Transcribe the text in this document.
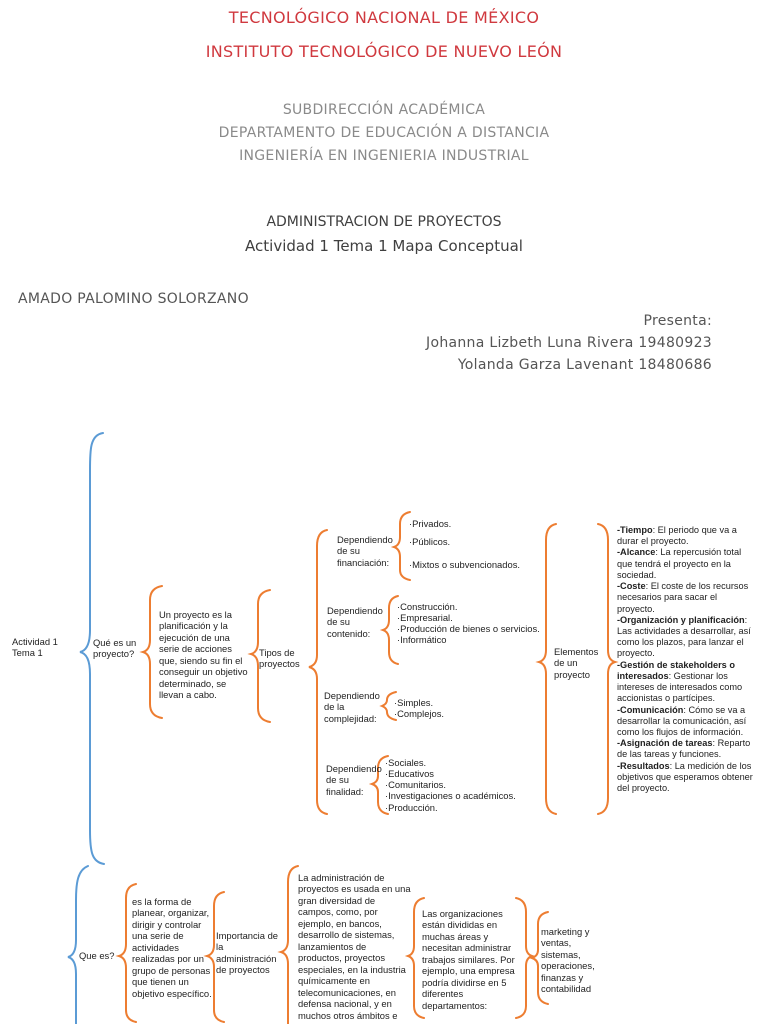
TECNOLÓGICO NACIONAL DE MÉXICO
INSTITUTO TECNOLÓGICO DE NUEVO LEÓN
SUBDIRECCIÓN ACADÉMICA
DEPARTAMENTO DE EDUCACIÓN A DISTANCIA
INGENIERÍA EN INGENIERIA INDUSTRIAL
ADMINISTRACION DE PROYECTOS
Actividad 1 Tema 1 Mapa Conceptual
AMADO PALOMINO SOLORZANO
Presenta:
Johanna Lizbeth Luna Rivera 19480923
Yolanda Garza Lavenant 18480686
Actividad 1 Tema 1
Qué es un proyecto?
Un proyecto es la planificación y la ejecución de una serie de acciones que, siendo su fin el conseguir un objetivo determinado, se llevan a cabo.
Tipos de proyectos
Dependiendo de su financiación:
·Privados.
·Públicos.
·Mixtos o subvencionados.
Dependiendo de su contenido:
·Construcción.
·Empresarial.
·Producción de bienes o servicios.
·Informático
Dependiendo de la complejidad:
·Simples.
·Complejos.
Dependiendo de su finalidad:
·Sociales.
·Educativos
·Comunitarios.
·Investigaciones o académicos.
·Producción.
Elementos de un proyecto
-Tiempo: El periodo que va a durar el proyecto.
-Alcance: La repercusión total que tendrá el proyecto en la sociedad.
-Coste: El coste de los recursos necesarios para sacar el proyecto.
-Organización y planificación: Las actividades a desarrollar, así como los plazos, para lanzar el proyecto.
-Gestión de stakeholders o interesados: Gestionar los intereses de interesados como accionistas o partícipes.
-Comunicación: Cómo se va a desarrollar la comunicación, así como los flujos de información.
-Asignación de tareas: Reparto de las tareas y funciones.
-Resultados: La medición de los objetivos que esperamos obtener del proyecto.
Que es?
es la forma de planear, organizar, dirigir y controlar una serie de actividades realizadas por un grupo de personas que tienen un objetivo específico.
Importancia de la administración de proyectos
La administración de proyectos es usada en una gran diversidad de campos, como, por ejemplo, en bancos, desarrollo de sistemas, lanzamientos de productos, proyectos especiales, en la industria químicamente en telecomunicaciones, en defensa nacional, y en muchos otros ámbitos e
Las organizaciones están divididas en muchas áreas y necesitan administrar trabajos similares. Por ejemplo, una empresa podría dividirse en 5 diferentes departamentos:
marketing y ventas, sistemas, operaciones, finanzas y contabilidad
